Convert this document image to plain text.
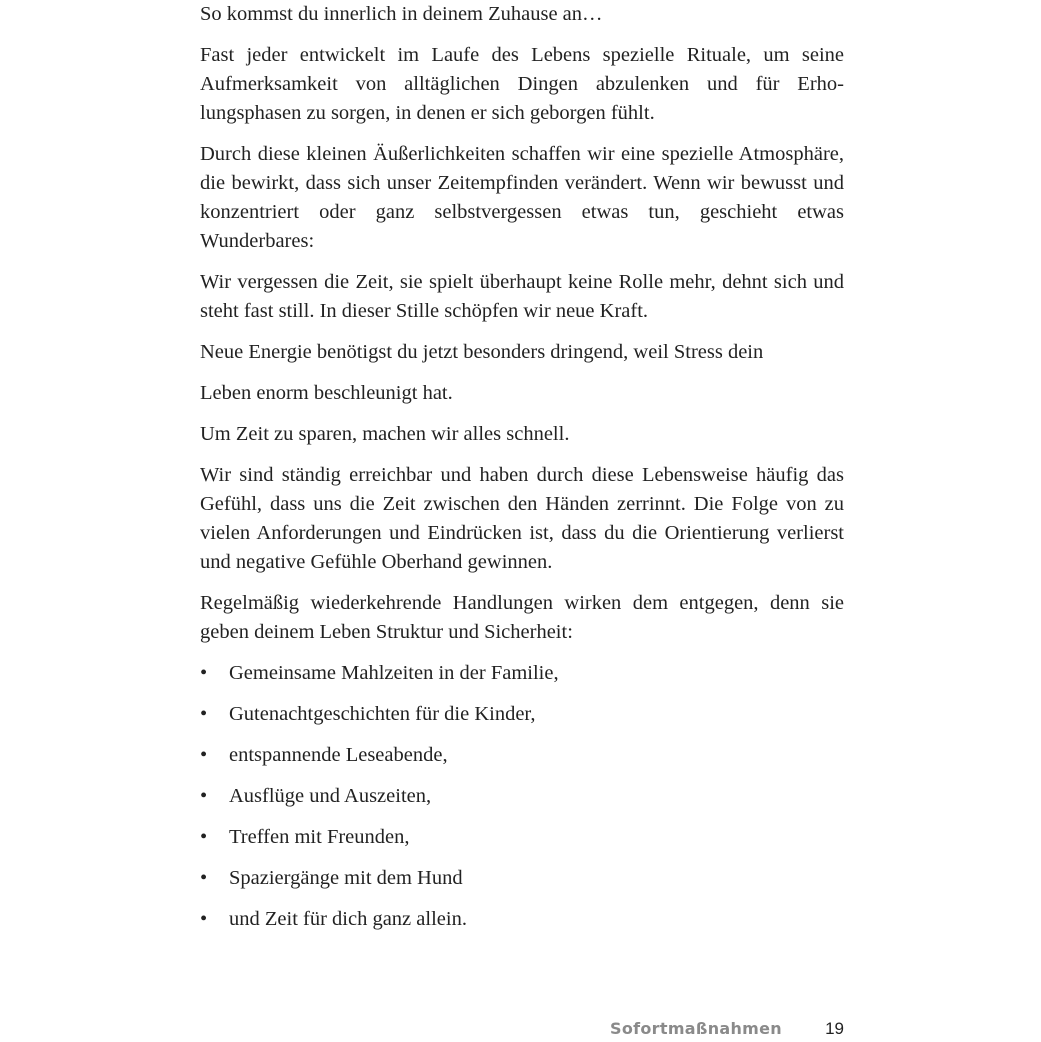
So kommst du innerlich in deinem Zuhause an…

Fast jeder entwickelt im Laufe des Lebens spezielle Rituale, um seine Aufmerksamkeit von alltäglichen Dingen abzulenken und für Erholungsphasen zu sorgen, in denen er sich geborgen fühlt.

Durch diese kleinen Äußerlichkeiten schaffen wir eine spezielle Atmosphäre, die bewirkt, dass sich unser Zeitempfinden verändert. Wenn wir bewusst und konzentriert oder ganz selbstvergessen etwas tun, geschieht etwas Wunderbares:

Wir vergessen die Zeit, sie spielt überhaupt keine Rolle mehr, dehnt sich und steht fast still. In dieser Stille schöpfen wir neue Kraft.

Neue Energie benötigst du jetzt besonders dringend, weil Stress dein

Leben enorm beschleunigt hat.

Um Zeit zu sparen, machen wir alles schnell.

Wir sind ständig erreichbar und haben durch diese Lebensweise häufig das Gefühl, dass uns die Zeit zwischen den Händen zerrinnt. Die Folge von zu vielen Anforderungen und Eindrücken ist, dass du die Orientierung verlierst und negative Gefühle Oberhand gewinnen.

Regelmäßig wiederkehrende Handlungen wirken dem entgegen, denn sie geben deinem Leben Struktur und Sicherheit:

• Gemeinsame Mahlzeiten in der Familie,
• Gutenachtgeschichten für die Kinder,
• entspannende Leseabende,
• Ausflüge und Auszeiten,
• Treffen mit Freunden,
• Spaziergänge mit dem Hund
• und Zeit für dich ganz allein.
Sofortmaßnahmen	19
